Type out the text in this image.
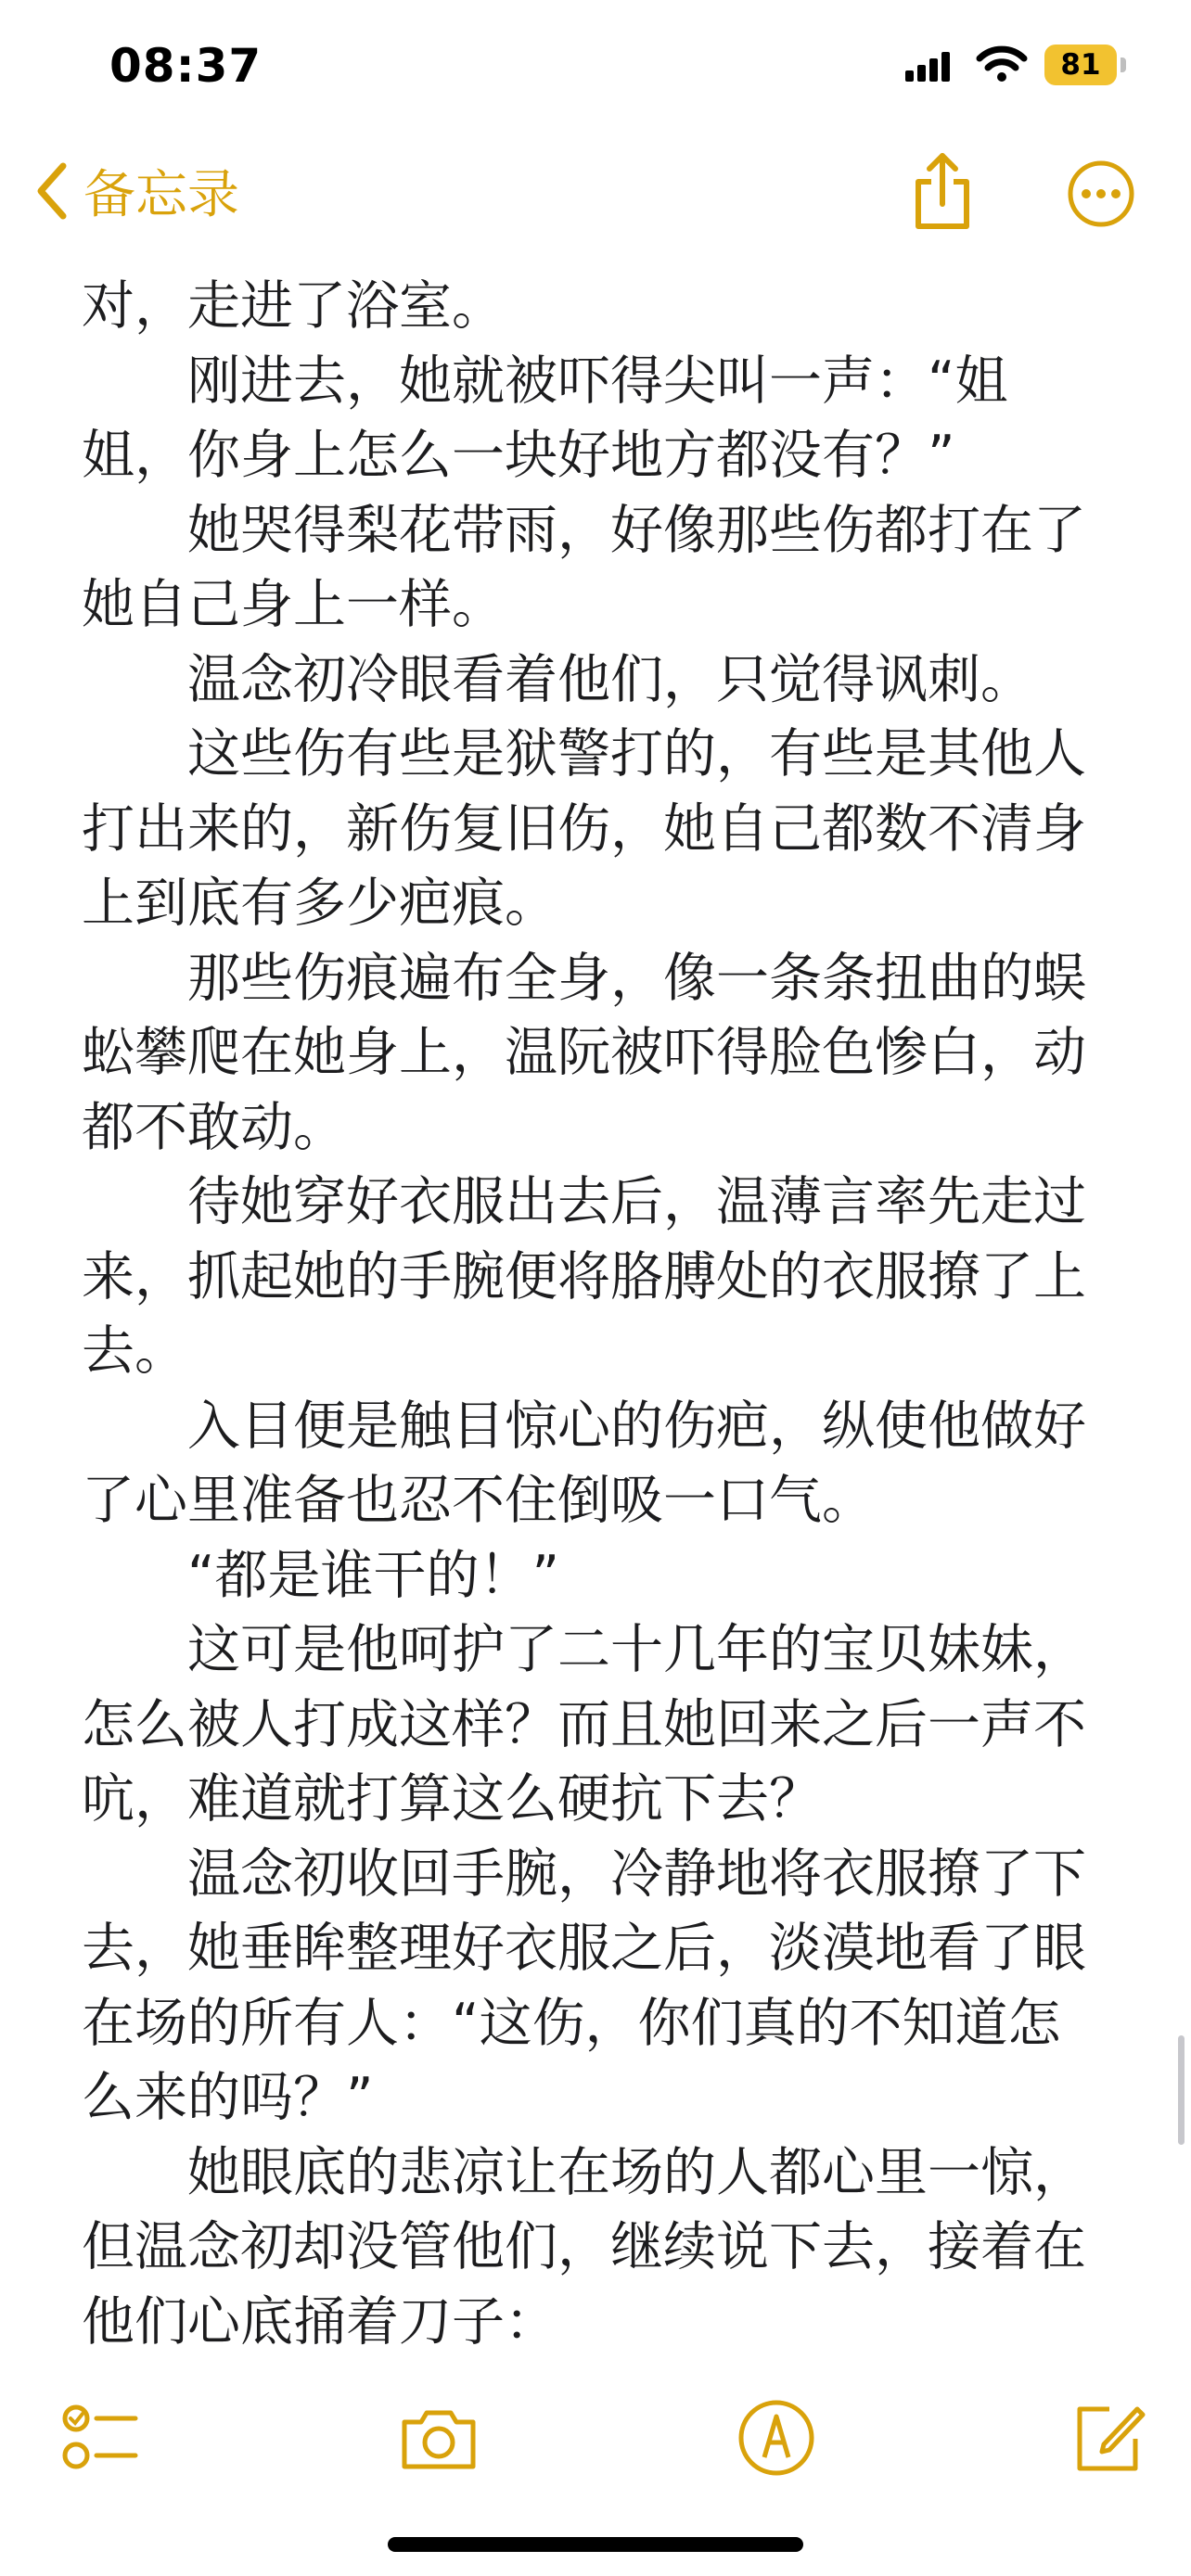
08:37	81
备忘录

对，走进了浴室。

刚进去，她就被吓得尖叫一声：“姐姐，你身上怎么一块好地方都没有？”

她哭得梨花带雨，好像那些伤都打在了她自己身上一样。

温念初冷眼看着他们，只觉得讽刺。

这些伤有些是狱警打的，有些是其他人打出来的，新伤复旧伤，她自己都数不清身上到底有多少疤痕。

那些伤痕遍布全身，像一条条扭曲的蜈蚣攀爬在她身上，温阮被吓得脸色惨白，动都不敢动。

待她穿好衣服出去后，温薄言率先走过来，抓起她的手腕便将胳膊处的衣服撩了上去。

入目便是触目惊心的伤疤，纵使他做好了心里准备也忍不住倒吸一口气。

“都是谁干的！”

这可是他呵护了二十几年的宝贝妹妹，怎么被人打成这样？而且她回来之后一声不吭，难道就打算这么硬抗下去？

温念初收回手腕，冷静地将衣服撩了下去，她垂眸整理好衣服之后，淡漠地看了眼在场的所有人：“这伤，你们真的不知道怎么来的吗？”

她眼底的悲凉让在场的人都心里一惊，但温念初却没管他们，继续说下去，接着在他们心底捅着刀子：
